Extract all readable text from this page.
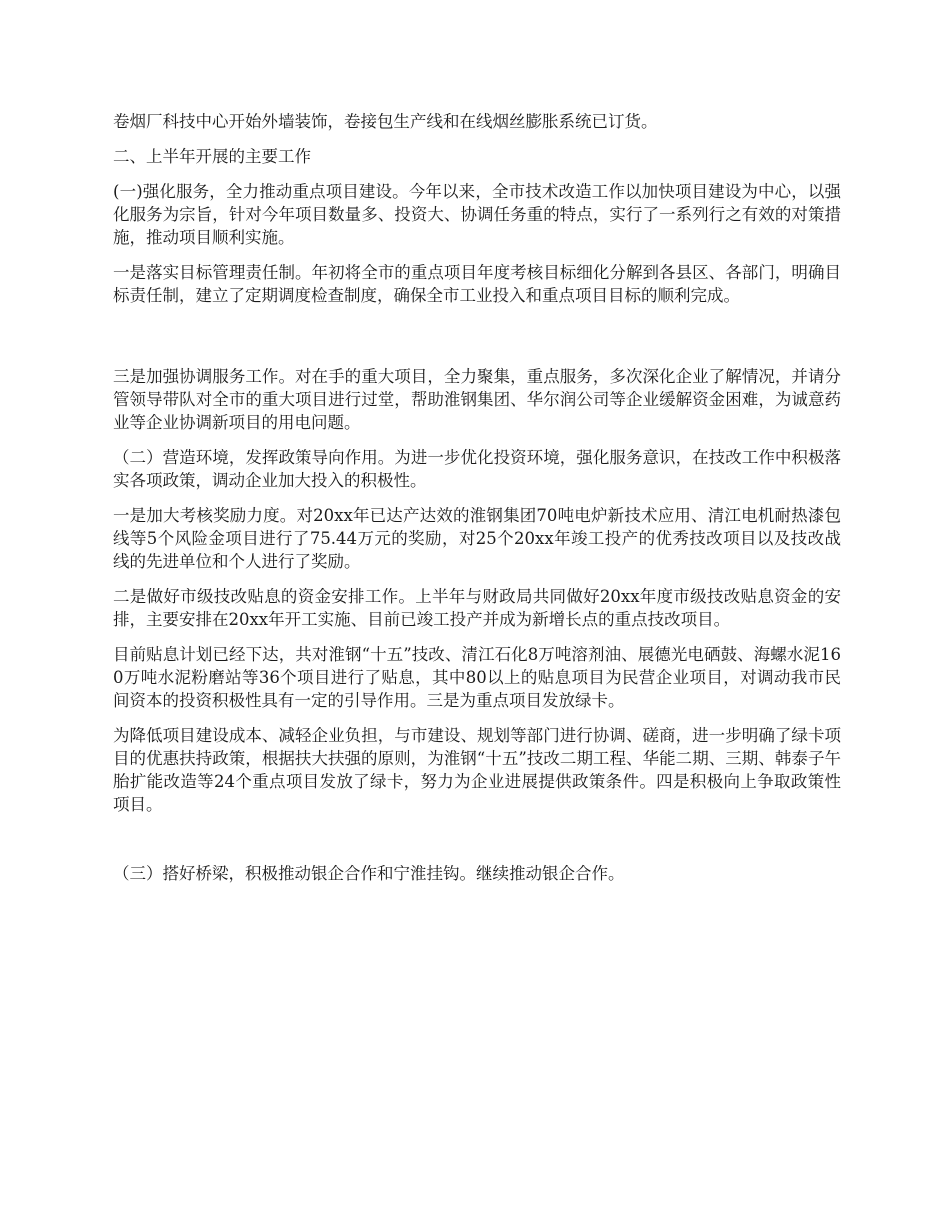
卷烟厂科技中心开始外墙装饰，卷接包生产线和在线烟丝膨胀系统已订货。

二、上半年开展的主要工作

(一)强化服务，全力推动重点项目建设。今年以来，全市技术改造工作以加快项目建设为中心，以强化服务为宗旨，针对今年项目数量多、投资大、协调任务重的特点，实行了一系列行之有效的对策措施，推动项目顺利实施。

一是落实目标管理责任制。年初将全市的重点项目年度考核目标细化分解到各县区、各部门，明确目标责任制，建立了定期调度检查制度，确保全市工业投入和重点项目目标的顺利完成。

三是加强协调服务工作。对在手的重大项目，全力聚集，重点服务，多次深化企业了解情况，并请分管领导带队对全市的重大项目进行过堂，帮助淮钢集团、华尔润公司等企业缓解资金困难，为诚意药业等企业协调新项目的用电问题。

（二）营造环境，发挥政策导向作用。为进一步优化投资环境，强化服务意识，在技改工作中积极落实各项政策，调动企业加大投入的积极性。

一是加大考核奖励力度。对20xx年已达产达效的淮钢集团70吨电炉新技术应用、清江电机耐热漆包线等5个风险金项目进行了75.44万元的奖励，对25个20xx年竣工投产的优秀技改项目以及技改战线的先进单位和个人进行了奖励。

二是做好市级技改贴息的资金安排工作。上半年与财政局共同做好20xx年度市级技改贴息资金的安排，主要安排在20xx年开工实施、目前已竣工投产并成为新增长点的重点技改项目。

目前贴息计划已经下达，共对淮钢“十五”技改、清江石化8万吨溶剂油、展德光电硒鼓、海螺水泥160万吨水泥粉磨站等36个项目进行了贴息，其中80以上的贴息项目为民营企业项目，对调动我市民间资本的投资积极性具有一定的引导作用。三是为重点项目发放绿卡。

为降低项目建设成本、减轻企业负担，与市建设、规划等部门进行协调、磋商，进一步明确了绿卡项目的优惠扶持政策，根据扶大扶强的原则，为淮钢“十五”技改二期工程、华能二期、三期、韩泰子午胎扩能改造等24个重点项目发放了绿卡，努力为企业进展提供政策条件。四是积极向上争取政策性项目。

（三）搭好桥梁，积极推动银企合作和宁淮挂钩。继续推动银企合作。
